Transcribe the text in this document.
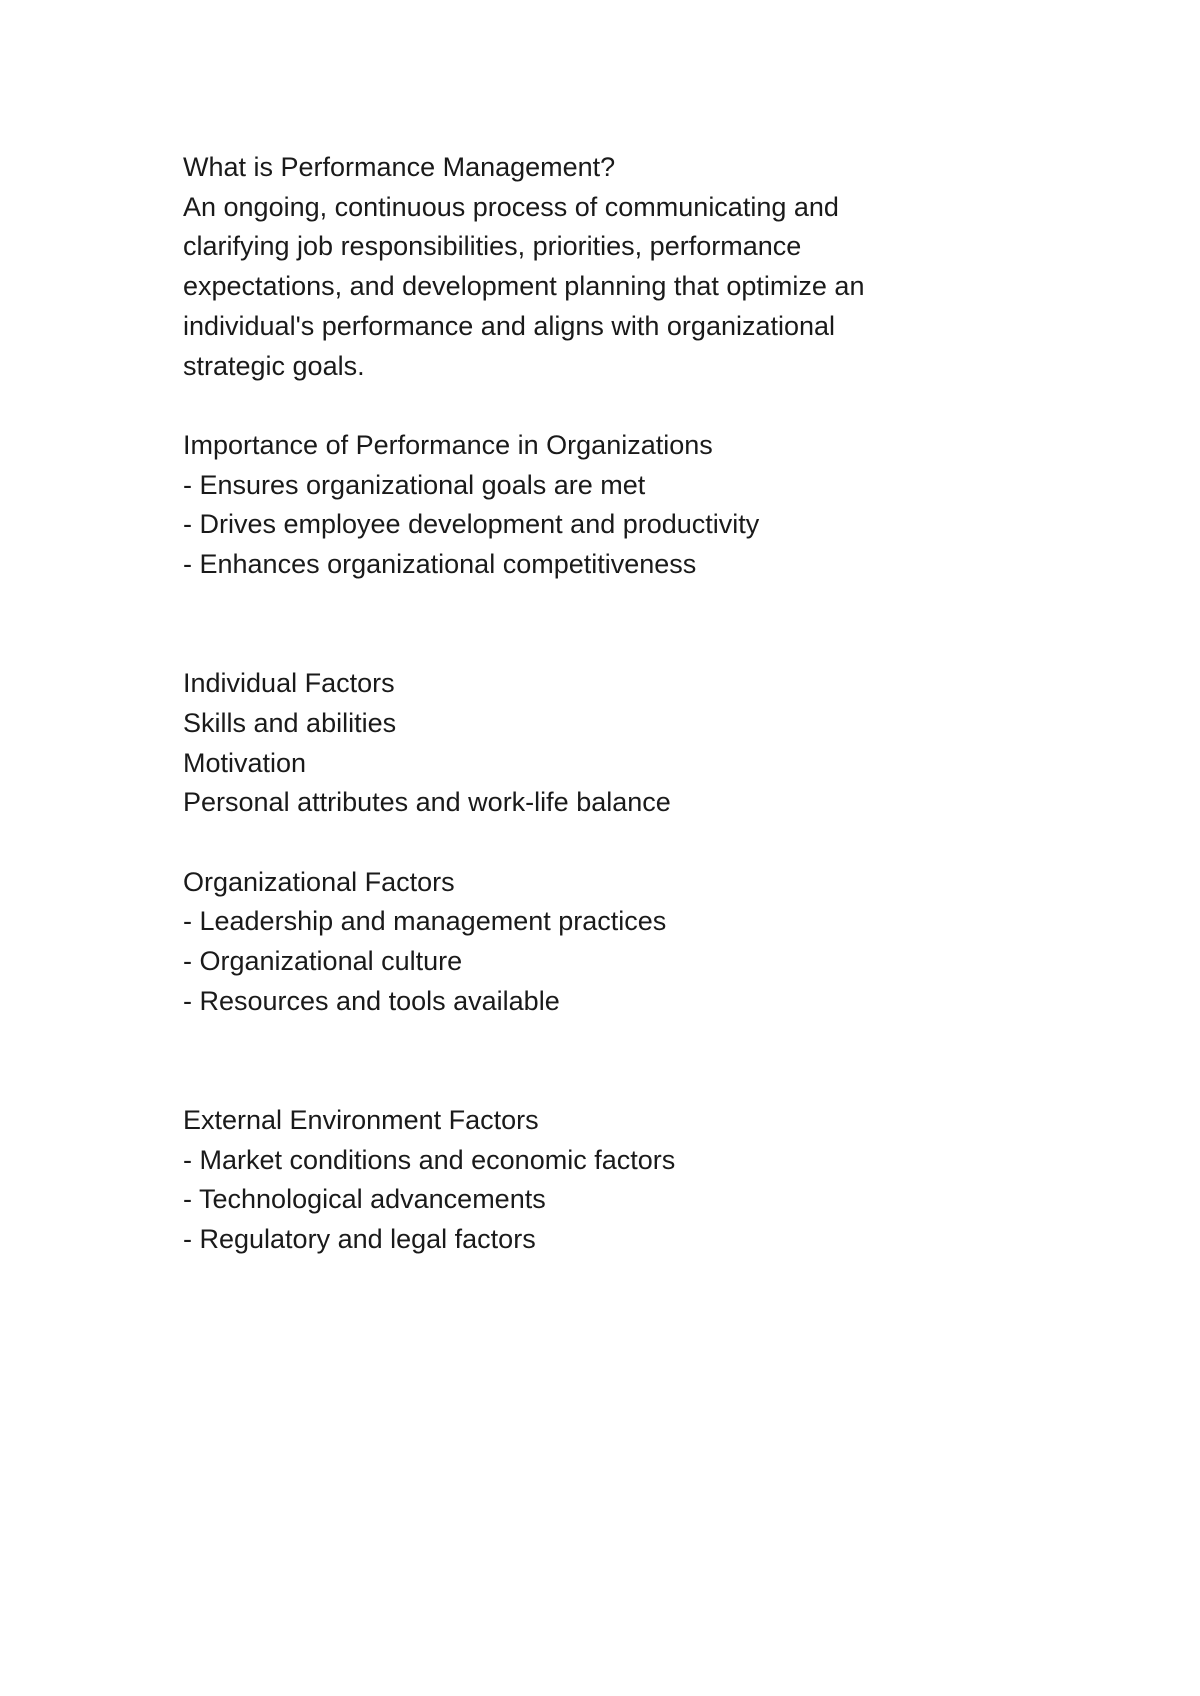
What is Performance Management?
An ongoing, continuous process of communicating and
clarifying job responsibilities, priorities, performance
expectations, and development planning that optimize an
individual's performance and aligns with organizational
strategic goals.
Importance of Performance in Organizations
- Ensures organizational goals are met
- Drives employee development and productivity
- Enhances organizational competitiveness
Individual Factors
Skills and abilities
Motivation
Personal attributes and work-life balance
Organizational Factors
- Leadership and management practices
- Organizational culture
- Resources and tools available
External Environment Factors
- Market conditions and economic factors
- Technological advancements
- Regulatory and legal factors
